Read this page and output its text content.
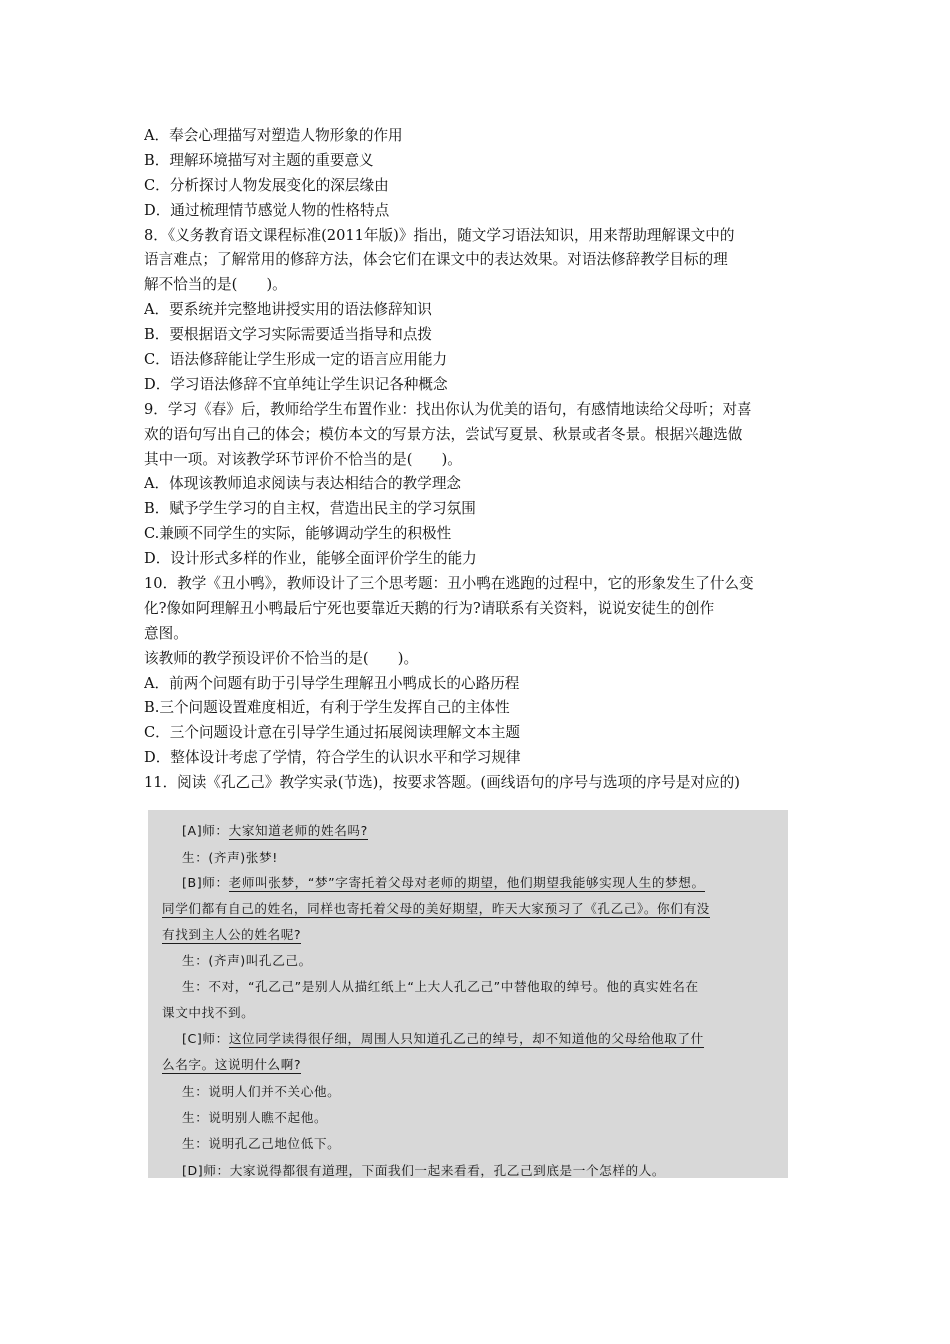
A．奉会心理描写对塑造人物形象的作用
B．理解环境描写对主题的重要意义
C．分析探讨人物发展变化的深层缘由
D．通过梳理情节感觉人物的性格特点
8．《义务教育语文课程标准(2011年版)》指出，随文学习语法知识，用来帮助理解课文中的
语言难点；了解常用的修辞方法，体会它们在课文中的表达效果。对语法修辞教学目标的理
解不恰当的是(　　)。
A．要系统并完整地讲授实用的语法修辞知识
B．要根据语文学习实际需要适当指导和点拨
C．语法修辞能让学生形成一定的语言应用能力
D．学习语法修辞不宜单纯让学生识记各种概念
9．学习《春》后，教师给学生布置作业：找出你认为优美的语句，有感情地读给父母听；对喜
欢的语句写出自己的体会；模仿本文的写景方法，尝试写夏景、秋景或者冬景。根据兴趣选做
其中一项。对该教学环节评价不恰当的是(　　)。
A．体现该教师追求阅读与表达相结合的教学理念
B．赋予学生学习的自主权，营造出民主的学习氛围
C.兼顾不同学生的实际，能够调动学生的积极性
D．设计形式多样的作业，能够全面评价学生的能力
10．教学《丑小鸭》，教师设计了三个思考题：丑小鸭在逃跑的过程中，它的形象发生了什么变
化?像如阿理解丑小鸭最后宁死也要靠近天鹅的行为?请联系有关资料，说说安徒生的创作
意图。
该教师的教学预设评价不恰当的是(　　)。
A．前两个问题有助于引导学生理解丑小鸭成长的心路历程
B.三个问题设置难度相近，有利于学生发挥自己的主体性
C．三个问题设计意在引导学生通过拓展阅读理解文本主题
D．整体设计考虑了学情，符合学生的认识水平和学习规律
11．阅读《孔乙己》教学实录(节选)，按要求答题。(画线语句的序号与选项的序号是对应的)
[A]师：大家知道老师的姓名吗?
生：(齐声)张梦!
[B]师：老师叫张梦，“梦”字寄托着父母对老师的期望，他们期望我能够实现人生的梦想。
同学们都有自己的姓名，同样也寄托着父母的美好期望，昨天大家预习了《孔乙己》。你们有没
有找到主人公的姓名呢?
生：(齐声)叫孔乙己。
生：不对，“孔乙己”是别人从描红纸上“上大人孔乙己”中替他取的绰号。他的真实姓名在
课文中找不到。
[C]师：这位同学读得很仔细，周围人只知道孔乙己的绰号，却不知道他的父母给他取了什
么名字。这说明什么啊?
生：说明人们并不关心他。
生：说明别人瞧不起他。
生：说明孔乙己地位低下。
[D]师：大家说得都很有道理，下面我们一起来看看，孔乙己到底是一个怎样的人。
